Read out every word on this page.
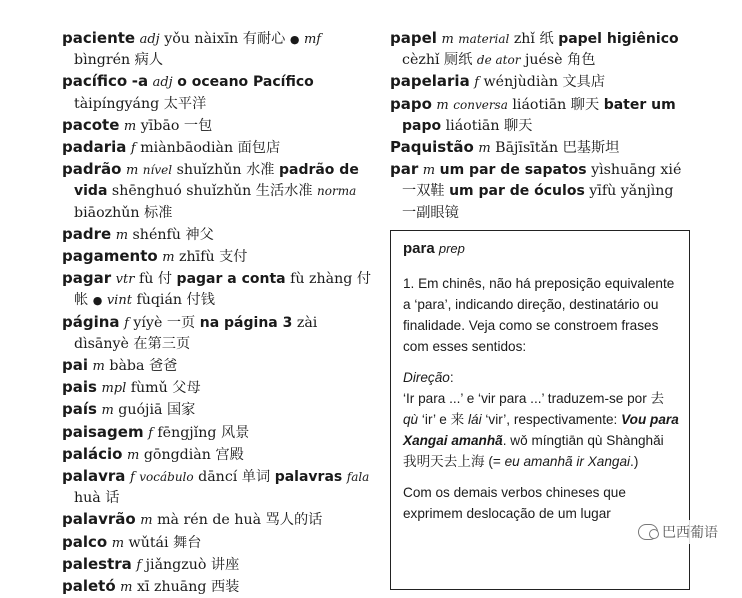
paciente adj yǒu nàixīn 有耐心 ● mf bìngrén 病人
pacífico -a adj o oceano Pacífico tàipíngyáng 太平洋
pacote m yībāo 一包
padaria f miànbāodiàn 面包店
padrão m nível shuǐzhǔn 水准 padrão de vida shēnghuó shuǐzhǔn 生活水准 norma biāozhǔn 标准
padre m shénfù 神父
pagamento m zhīfù 支付
pagar vtr fù 付 pagar a conta fù zhàng 付帐 ● vint fùqián 付钱
página f yíyè 一页 na página 3 zài dìsānyè 在第三页
pai m bàba 爸爸
pais mpl fùmǔ 父母
país m guójiā 国家
paisagem f fēngjǐng 风景
palácio m gōngdiàn 宫殿
palavra f vocábulo dāncí 单词 palavras fala huà 话
palavrão m mà rén de huà 骂人的话
palco m wǔtái 舞台
palestra f jiǎngzuò 讲座
paletó m xī zhuāng 西装
papel m material zhǐ 纸 papel higiênico cèzhǐ 厕纸 de ator juésè 角色
papelaria f wénjùdiàn 文具店
papo m conversa liáotiān 聊天 bater um papo liáotiān 聊天
Paquistão m Bājīsītǎn 巴基斯坦
par m um par de sapatos yìshuāng xié 一双鞋 um par de óculos yīfù yǎnjìng 一副眼镜
para prep
1. Em chinês, não há preposição equivalente a ‘para’, indicando direção, destinatário ou finalidade. Veja como se constroem frases com esses sentidos:
Direção:
‘Ir para ...’ e ‘vir para ...’ traduzem-se por 去 qù ‘ir’ e 来 lái ‘vir’, respectivamente: Vou para Xangai amanhã. wǒ míngtiān qù Shànghǎi 我明天去上海 (= eu amanhã ir Xangai.)
Com os demais verbos chineses que exprimem deslocação de um lugar
巴西葡语
